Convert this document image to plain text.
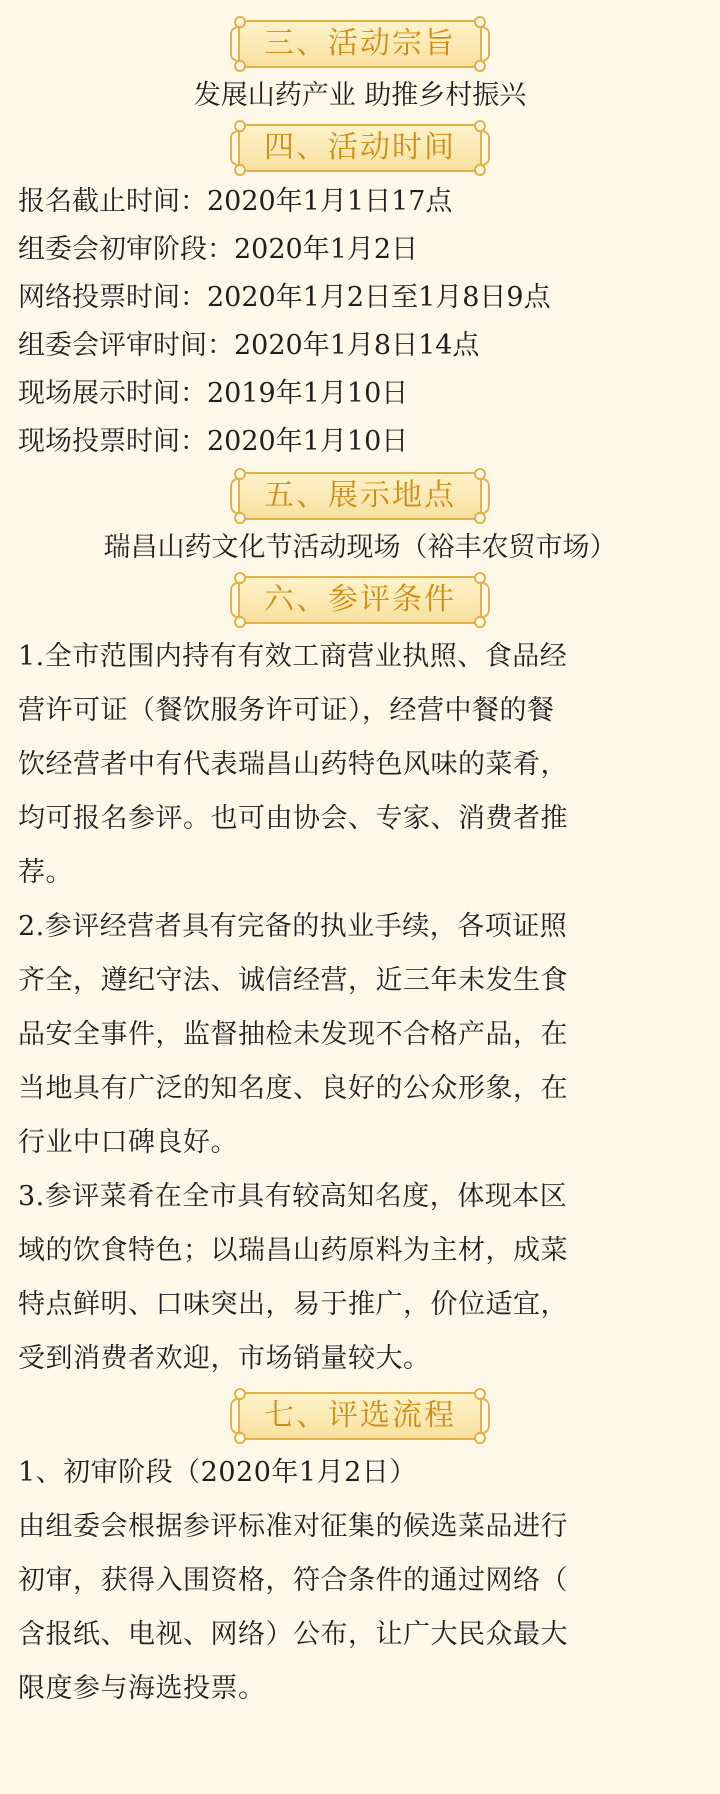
三、活动宗旨
发展山药产业 助推乡村振兴
四、活动时间
报名截止时间：2020年1月1日17点
组委会初审阶段：2020年1月2日
网络投票时间：2020年1月2日至1月8日9点
组委会评审时间：2020年1月8日14点
现场展示时间：2019年1月10日
现场投票时间：2020年1月10日
五、展示地点
瑞昌山药文化节活动现场（裕丰农贸市场）
六、参评条件

1.全市范围内持有有效工商营业执照、食品经

营许可证（餐饮服务许可证），经营中餐的餐

饮经营者中有代表瑞昌山药特色风味的菜肴，

均可报名参评。也可由协会、专家、消费者推

荐。

2.参评经营者具有完备的执业手续，各项证照

齐全，遵纪守法、诚信经营，近三年未发生食

品安全事件，监督抽检未发现不合格产品，在

当地具有广泛的知名度、良好的公众形象，在

行业中口碑良好。

3.参评菜肴在全市具有较高知名度，体现本区

域的饮食特色；以瑞昌山药原料为主材，成菜

特点鲜明、口味突出，易于推广，价位适宜，

受到消费者欢迎，市场销量较大。

七、评选流程

1、初审阶段（2020年1月2日）

由组委会根据参评标准对征集的候选菜品进行

初审，获得入围资格，符合条件的通过网络（

含报纸、电视、网络）公布，让广大民众最大

限度参与海选投票。
